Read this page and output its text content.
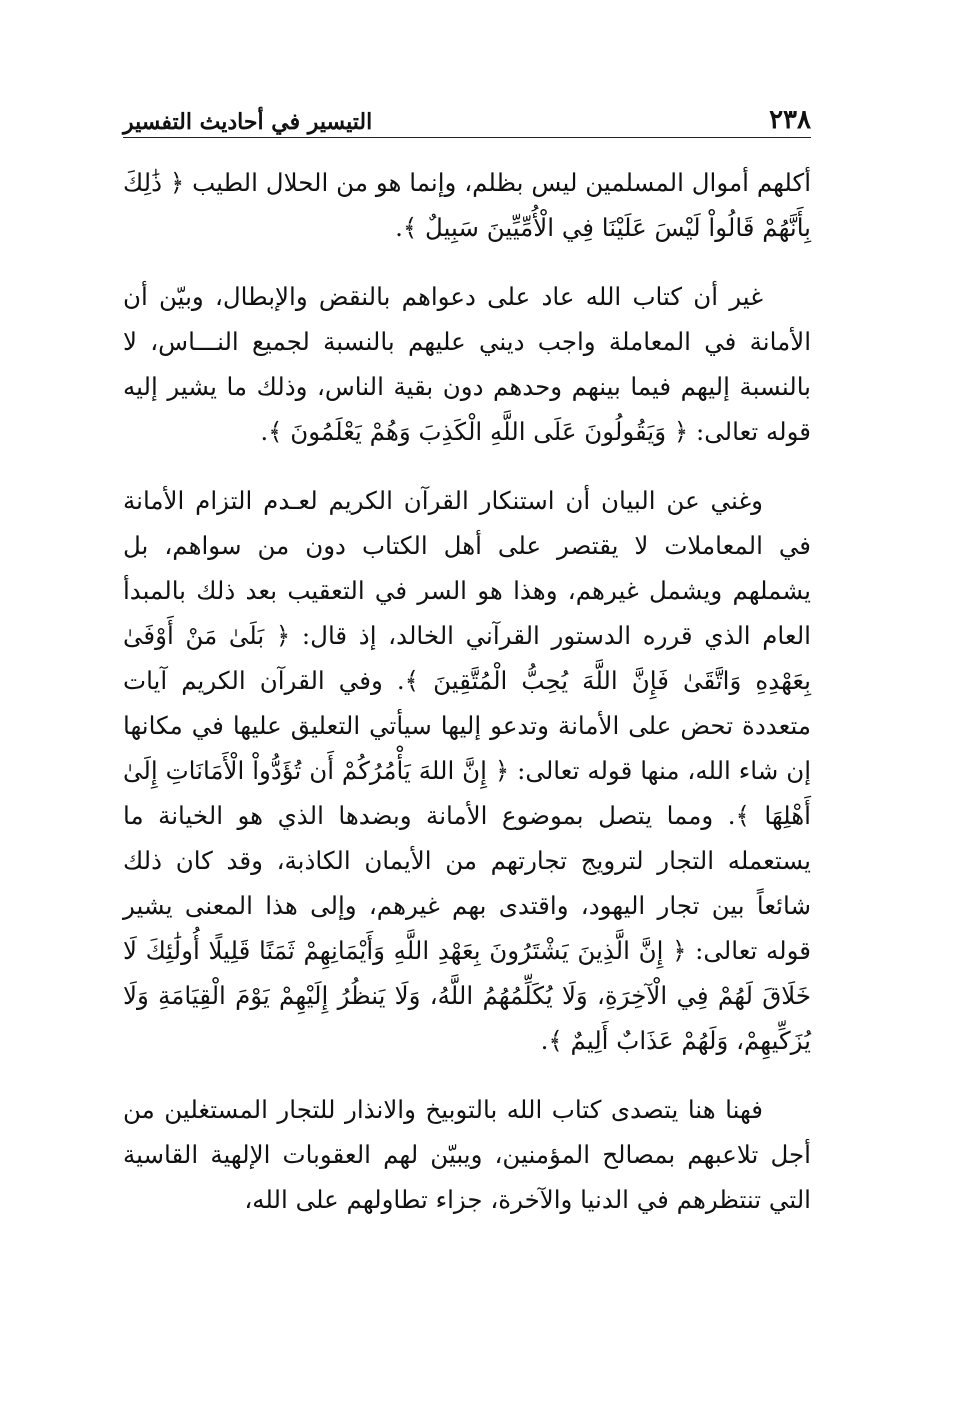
٢٣٨
التيسير في أحاديث التفسير

أكلهم أموال المسلمين ليس بظلم، وإنما هو من الحلال الطيب ﴿ ذَٰلِكَ بِأَنَّهُمْ قَالُواْ لَيْسَ عَلَيْنَا فِي الْأُمِّيِّينَ سَبِيلٌ ﴾.

غير أن كتاب الله عاد على دعواهم بالنقض والإبطال، وبيّن أن الأمانة في المعاملة واجب ديني عليهم بالنسبة لجميع النـــاس، لا بالنسبة إليهم فيما بينهم وحدهم دون بقية الناس، وذلك ما يشير إليه قوله تعالى: ﴿ وَيَقُولُونَ عَلَى اللَّهِ الْكَذِبَ وَهُمْ يَعْلَمُونَ ﴾.

وغني عن البيان أن استنكار القرآن الكريم لعـدم التزام الأمانة في المعاملات لا يقتصر على أهل الكتاب دون من سواهم، بل يشملهم ويشمل غيرهم، وهذا هو السر في التعقيب بعد ذلك بالمبدأ العام الذي قرره الدستور القرآني الخالد، إذ قال: ﴿ بَلَىٰ مَنْ أَوْفَىٰ بِعَهْدِهِ وَاتَّقَىٰ فَإِنَّ اللَّهَ يُحِبُّ الْمُتَّقِينَ ﴾. وفي القرآن الكريم آيات متعددة تحض على الأمانة وتدعو إليها سيأتي التعليق عليها في مكانها إن شاء الله، منها قوله تعالى: ﴿ إِنَّ اللهَ يَأْمُرُكُمْ أَن تُؤَدُّواْ الْأَمَانَاتِ إِلَىٰ أَهْلِهَا ﴾. ومما يتصل بموضوع الأمانة وبضدها الذي هو الخيانة ما يستعمله التجار لترويج تجارتهم من الأيمان الكاذبة، وقد كان ذلك شائعاً بين تجار اليهود، واقتدى بهم غيرهم، وإلى هذا المعنى يشير قوله تعالى: ﴿ إِنَّ الَّذِينَ يَشْتَرُونَ بِعَهْدِ اللَّهِ وَأَيْمَانِهِمْ ثَمَنًا قَلِيلًا أُولَٰئِكَ لَا خَلَاقَ لَهُمْ فِي الْآخِرَةِ، وَلَا يُكَلِّمُهُمُ اللَّهُ، وَلَا يَنظُرُ إِلَيْهِمْ يَوْمَ الْقِيَامَةِ وَلَا يُزَكِّيهِمْ، وَلَهُمْ عَذَابٌ أَلِيمٌ ﴾.

فهنا هنا يتصدى كتاب الله بالتوبيخ والانذار للتجار المستغلين من أجل تلاعبهم بمصالح المؤمنين، ويبيّن لهم العقوبات الإلهية القاسية التي تنتظرهم في الدنيا والآخرة، جزاء تطاولهم على الله،
